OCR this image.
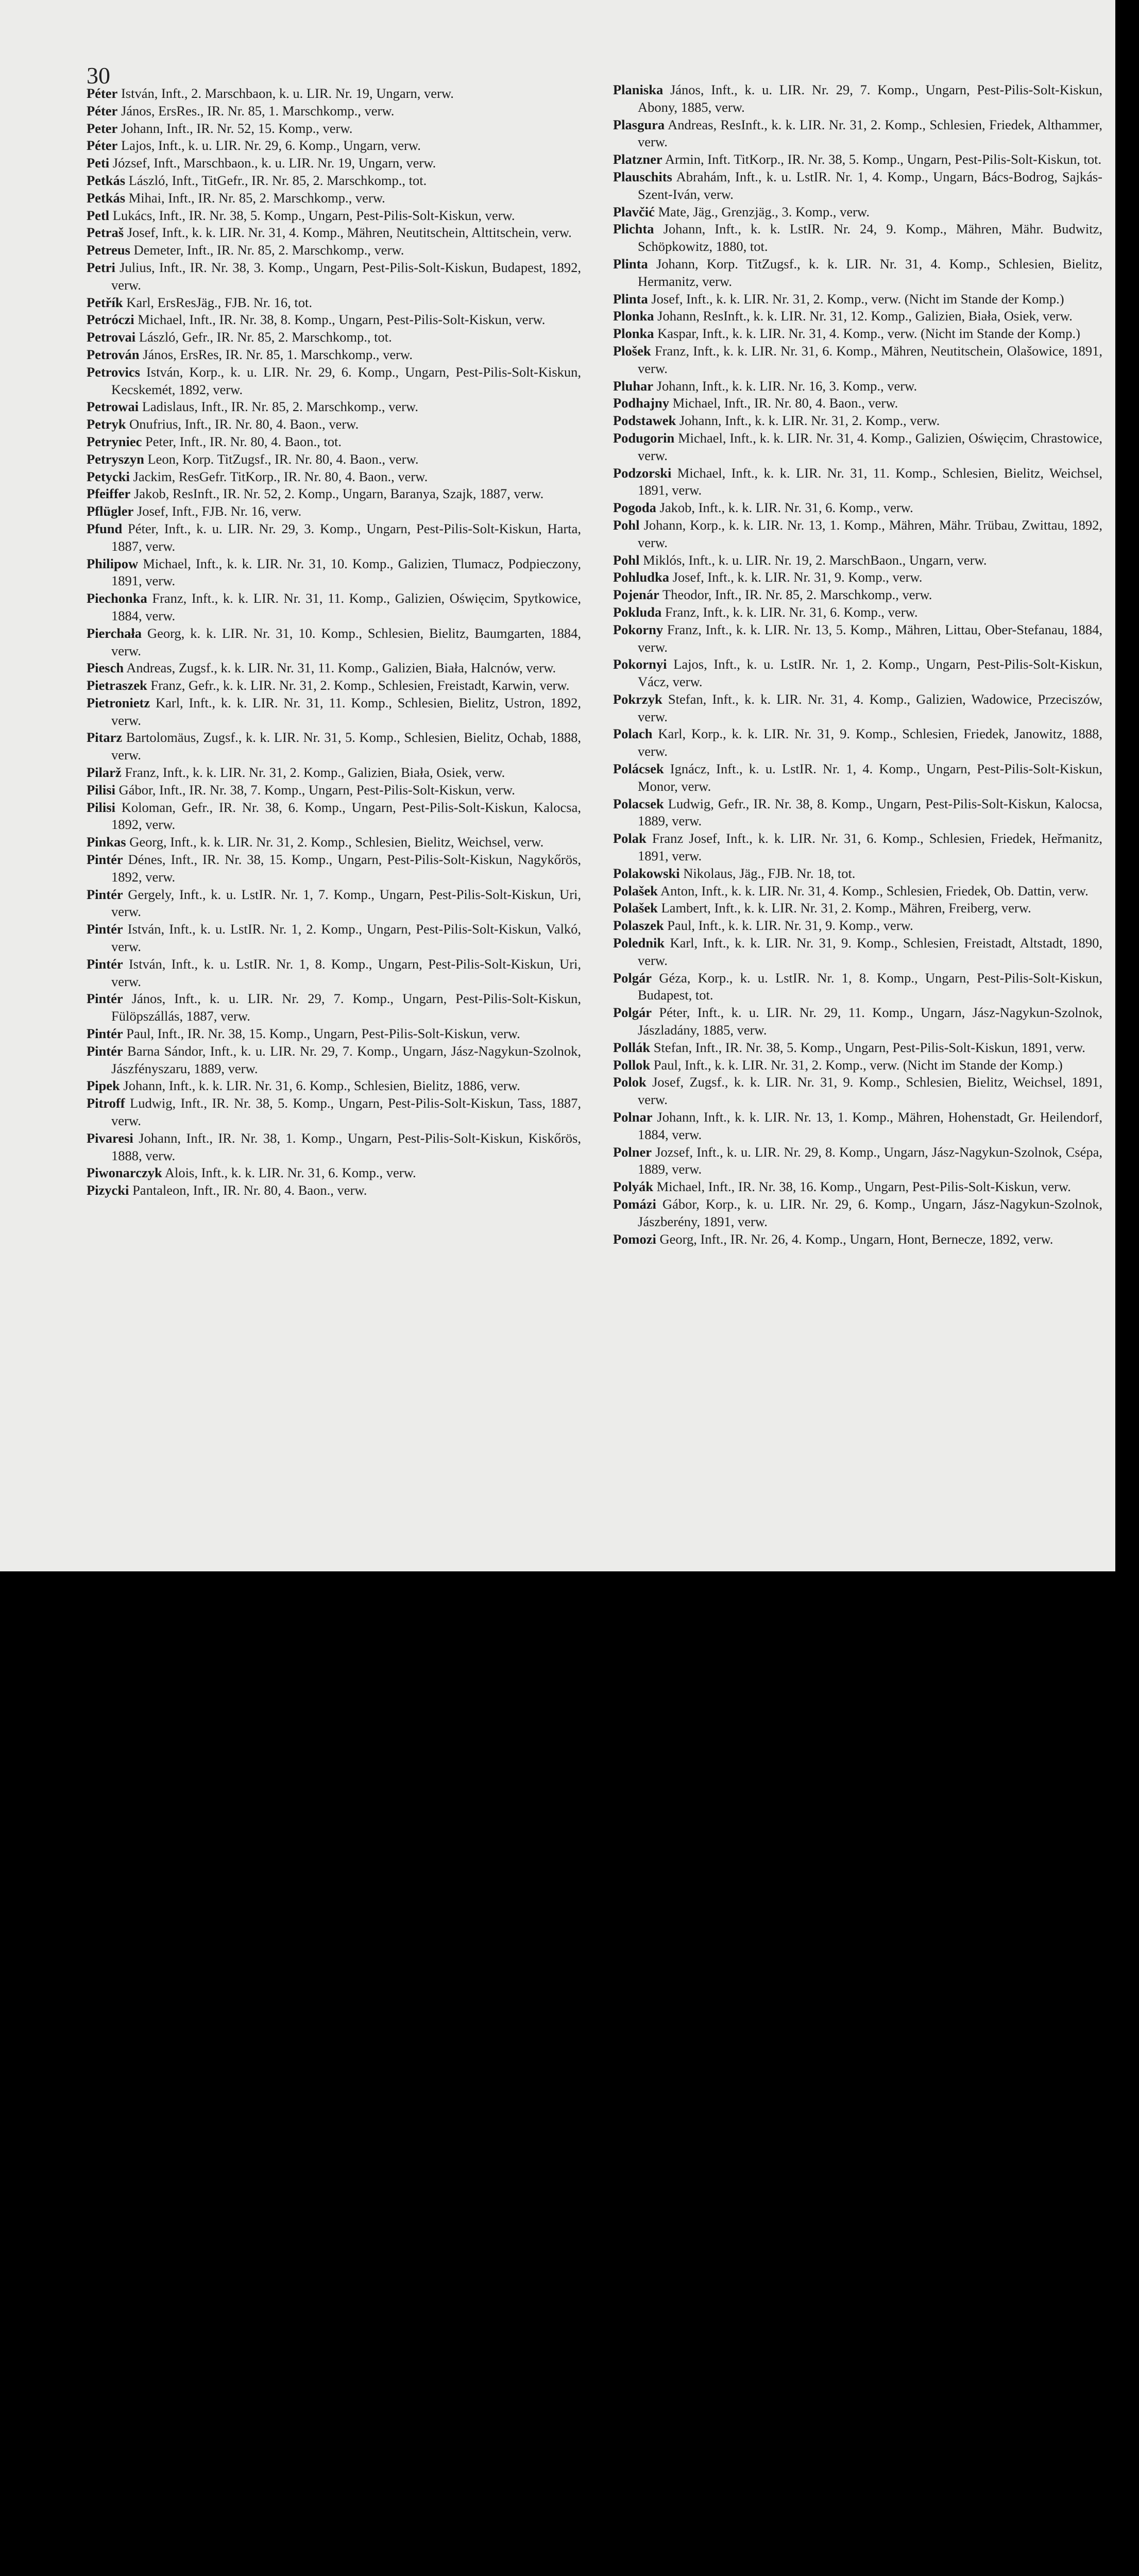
30

Péter István, Inft., 2. Marschbaon, k. u. LIR. Nr. 19, Ungarn, verw.

Péter János, ErsRes., IR. Nr. 85, 1. Marschkomp., verw.

Peter Johann, Inft., IR. Nr. 52, 15. Komp., verw.

Péter Lajos, Inft., k. u. LIR. Nr. 29, 6. Komp., Ungarn, verw.

Peti József, Inft., Marschbaon., k. u. LIR. Nr. 19, Ungarn, verw.

Petkás László, Inft., TitGefr., IR. Nr. 85, 2. Marschkomp., tot.

Petkás Mihai, Inft., IR. Nr. 85, 2. Marschkomp., verw.

Petl Lukács, Inft., IR. Nr. 38, 5. Komp., Ungarn, Pest-Pilis-Solt-Kiskun, verw.

Petraš Josef, Inft., k. k. LIR. Nr. 31, 4. Komp., Mähren, Neutitschein, Alttitschein, verw.

Petreus Demeter, Inft., IR. Nr. 85, 2. Marschkomp., verw.

Petri Julius, Inft., IR. Nr. 38, 3. Komp., Ungarn, Pest-Pilis-Solt-Kiskun, Budapest, 1892, verw.

Petřík Karl, ErsResJäg., FJB. Nr. 16, tot.

Petróczi Michael, Inft., IR. Nr. 38, 8. Komp., Ungarn, Pest-Pilis-Solt-Kiskun, verw.

Petrovai László, Gefr., IR. Nr. 85, 2. Marschkomp., tot.

Petrován János, ErsRes, IR. Nr. 85, 1. Marschkomp., verw.

Petrovics István, Korp., k. u. LIR. Nr. 29, 6. Komp., Ungarn, Pest-Pilis-Solt-Kiskun, Kecskemét, 1892, verw.

Petrowai Ladislaus, Inft., IR. Nr. 85, 2. Marschkomp., verw.

Petryk Onufrius, Inft., IR. Nr. 80, 4. Baon., verw.

Petryniec Peter, Inft., IR. Nr. 80, 4. Baon., tot.

Petryszyn Leon, Korp. TitZugsf., IR. Nr. 80, 4. Baon., verw.

Petycki Jackim, ResGefr. TitKorp., IR. Nr. 80, 4. Baon., verw.

Pfeiffer Jakob, ResInft., IR. Nr. 52, 2. Komp., Ungarn, Baranya, Szajk, 1887, verw.

Pflügler Josef, Inft., FJB. Nr. 16, verw.

Pfund Péter, Inft., k. u. LIR. Nr. 29, 3. Komp., Ungarn, Pest-Pilis-Solt-Kiskun, Harta, 1887, verw.

Philipow Michael, Inft., k. k. LIR. Nr. 31, 10. Komp., Galizien, Tlumacz, Podpieczony, 1891, verw.

Piechonka Franz, Inft., k. k. LIR. Nr. 31, 11. Komp., Galizien, Oświęcim, Spytkowice, 1884, verw.

Pierchała Georg, k. k. LIR. Nr. 31, 10. Komp., Schlesien, Bielitz, Baumgarten, 1884, verw.

Piesch Andreas, Zugsf., k. k. LIR. Nr. 31, 11. Komp., Galizien, Biała, Halcnów, verw.

Pietraszek Franz, Gefr., k. k. LIR. Nr. 31, 2. Komp., Schlesien, Freistadt, Karwin, verw.

Pietronietz Karl, Inft., k. k. LIR. Nr. 31, 11. Komp., Schlesien, Bielitz, Ustron, 1892, verw.

Pitarz Bartolomäus, Zugsf., k. k. LIR. Nr. 31, 5. Komp., Schlesien, Bielitz, Ochab, 1888, verw.

Pilarž Franz, Inft., k. k. LIR. Nr. 31, 2. Komp., Galizien, Biała, Osiek, verw.

Pilisi Gábor, Inft., IR. Nr. 38, 7. Komp., Ungarn, Pest-Pilis-Solt-Kiskun, verw.

Pilisi Koloman, Gefr., IR. Nr. 38, 6. Komp., Ungarn, Pest-Pilis-Solt-Kiskun, Kalocsa, 1892, verw.

Pinkas Georg, Inft., k. k. LIR. Nr. 31, 2. Komp., Schlesien, Bielitz, Weichsel, verw.

Pintér Dénes, Inft., IR. Nr. 38, 15. Komp., Ungarn, Pest-Pilis-Solt-Kiskun, Nagykőrös, 1892, verw.

Pintér Gergely, Inft., k. u. LstIR. Nr. 1, 7. Komp., Ungarn, Pest-Pilis-Solt-Kiskun, Uri, verw.

Pintér István, Inft., k. u. LstIR. Nr. 1, 2. Komp., Ungarn, Pest-Pilis-Solt-Kiskun, Valkó, verw.

Pintér István, Inft., k. u. LstIR. Nr. 1, 8. Komp., Ungarn, Pest-Pilis-Solt-Kiskun, Uri, verw.

Pintér János, Inft., k. u. LIR. Nr. 29, 7. Komp., Ungarn, Pest-Pilis-Solt-Kiskun, Fülöpszállás, 1887, verw.

Pintér Paul, Inft., IR. Nr. 38, 15. Komp., Ungarn, Pest-Pilis-Solt-Kiskun, verw.

Pintér Barna Sándor, Inft., k. u. LIR. Nr. 29, 7. Komp., Ungarn, Jász-Nagykun-Szolnok, Jászfényszaru, 1889, verw.

Pipek Johann, Inft., k. k. LIR. Nr. 31, 6. Komp., Schlesien, Bielitz, 1886, verw.

Pitroff Ludwig, Inft., IR. Nr. 38, 5. Komp., Ungarn, Pest-Pilis-Solt-Kiskun, Tass, 1887, verw.

Pivaresi Johann, Inft., IR. Nr. 38, 1. Komp., Ungarn, Pest-Pilis-Solt-Kiskun, Kiskőrös, 1888, verw.

Piwonarczyk Alois, Inft., k. k. LIR. Nr. 31, 6. Komp., verw.

Pizycki Pantaleon, Inft., IR. Nr. 80, 4. Baon., verw.

Planiska János, Inft., k. u. LIR. Nr. 29, 7. Komp., Ungarn, Pest-Pilis-Solt-Kiskun, Abony, 1885, verw.

Plasgura Andreas, ResInft., k. k. LIR. Nr. 31, 2. Komp., Schlesien, Friedek, Althammer, verw.

Platzner Armin, Inft. TitKorp., IR. Nr. 38, 5. Komp., Ungarn, Pest-Pilis-Solt-Kiskun, tot.

Plauschits Abrahám, Inft., k. u. LstIR. Nr. 1, 4. Komp., Ungarn, Bács-Bodrog, Sajkás-Szent-Iván, verw.

Plavčić Mate, Jäg., Grenzjäg., 3. Komp., verw.

Plichta Johann, Inft., k. k. LstIR. Nr. 24, 9. Komp., Mähren, Mähr. Budwitz, Schöpkowitz, 1880, tot.

Plinta Johann, Korp. TitZugsf., k. k. LIR. Nr. 31, 4. Komp., Schlesien, Bielitz, Hermanitz, verw.

Plinta Josef, Inft., k. k. LIR. Nr. 31, 2. Komp., verw. (Nicht im Stande der Komp.)

Plonka Johann, ResInft., k. k. LIR. Nr. 31, 12. Komp., Galizien, Biała, Osiek, verw.

Plonka Kaspar, Inft., k. k. LIR. Nr. 31, 4. Komp., verw. (Nicht im Stande der Komp.)

Plošek Franz, Inft., k. k. LIR. Nr. 31, 6. Komp., Mähren, Neutitschein, Olašowice, 1891, verw.

Pluhar Johann, Inft., k. k. LIR. Nr. 16, 3. Komp., verw.

Podhajny Michael, Inft., IR. Nr. 80, 4. Baon., verw.

Podstawek Johann, Inft., k. k. LIR. Nr. 31, 2. Komp., verw.

Podugorin Michael, Inft., k. k. LIR. Nr. 31, 4. Komp., Galizien, Oświęcim, Chrastowice, verw.

Podzorski Michael, Inft., k. k. LIR. Nr. 31, 11. Komp., Schlesien, Bielitz, Weichsel, 1891, verw.

Pogoda Jakob, Inft., k. k. LIR. Nr. 31, 6. Komp., verw.

Pohl Johann, Korp., k. k. LIR. Nr. 13, 1. Komp., Mähren, Mähr. Trübau, Zwittau, 1892, verw.

Pohl Miklós, Inft., k. u. LIR. Nr. 19, 2. MarschBaon., Ungarn, verw.

Pohludka Josef, Inft., k. k. LIR. Nr. 31, 9. Komp., verw.

Pojenár Theodor, Inft., IR. Nr. 85, 2. Marschkomp., verw.

Pokluda Franz, Inft., k. k. LIR. Nr. 31, 6. Komp., verw.

Pokorny Franz, Inft., k. k. LIR. Nr. 13, 5. Komp., Mähren, Littau, Ober-Stefanau, 1884, verw.

Pokornyi Lajos, Inft., k. u. LstIR. Nr. 1, 2. Komp., Ungarn, Pest-Pilis-Solt-Kiskun, Vácz, verw.

Pokrzyk Stefan, Inft., k. k. LIR. Nr. 31, 4. Komp., Galizien, Wadowice, Przeciszów, verw.

Polach Karl, Korp., k. k. LIR. Nr. 31, 9. Komp., Schlesien, Friedek, Janowitz, 1888, verw.

Polácsek Ignácz, Inft., k. u. LstIR. Nr. 1, 4. Komp., Ungarn, Pest-Pilis-Solt-Kiskun, Monor, verw.

Polacsek Ludwig, Gefr., IR. Nr. 38, 8. Komp., Ungarn, Pest-Pilis-Solt-Kiskun, Kalocsa, 1889, verw.

Polak Franz Josef, Inft., k. k. LIR. Nr. 31, 6. Komp., Schlesien, Friedek, Heřmanitz, 1891, verw.

Polakowski Nikolaus, Jäg., FJB. Nr. 18, tot.

Polašek Anton, Inft., k. k. LIR. Nr. 31, 4. Komp., Schlesien, Friedek, Ob. Dattin, verw.

Polašek Lambert, Inft., k. k. LIR. Nr. 31, 2. Komp., Mähren, Freiberg, verw.

Polaszek Paul, Inft., k. k. LIR. Nr. 31, 9. Komp., verw.

Polednik Karl, Inft., k. k. LIR. Nr. 31, 9. Komp., Schlesien, Freistadt, Altstadt, 1890, verw.

Polgár Géza, Korp., k. u. LstIR. Nr. 1, 8. Komp., Ungarn, Pest-Pilis-Solt-Kiskun, Budapest, tot.

Polgár Péter, Inft., k. u. LIR. Nr. 29, 11. Komp., Ungarn, Jász-Nagykun-Szolnok, Jászladány, 1885, verw.

Pollák Stefan, Inft., IR. Nr. 38, 5. Komp., Ungarn, Pest-Pilis-Solt-Kiskun, 1891, verw.

Pollok Paul, Inft., k. k. LIR. Nr. 31, 2. Komp., verw. (Nicht im Stande der Komp.)

Polok Josef, Zugsf., k. k. LIR. Nr. 31, 9. Komp., Schlesien, Bielitz, Weichsel, 1891, verw.

Polnar Johann, Inft., k. k. LIR. Nr. 13, 1. Komp., Mähren, Hohenstadt, Gr. Heilendorf, 1884, verw.

Polner Jozsef, Inft., k. u. LIR. Nr. 29, 8. Komp., Ungarn, Jász-Nagykun-Szolnok, Csépa, 1889, verw.

Polyák Michael, Inft., IR. Nr. 38, 16. Komp., Ungarn, Pest-Pilis-Solt-Kiskun, verw.

Pomázi Gábor, Korp., k. u. LIR. Nr. 29, 6. Komp., Ungarn, Jász-Nagykun-Szolnok, Jászberény, 1891, verw.

Pomozi Georg, Inft., IR. Nr. 26, 4. Komp., Ungarn, Hont, Bernecze, 1892, verw.
